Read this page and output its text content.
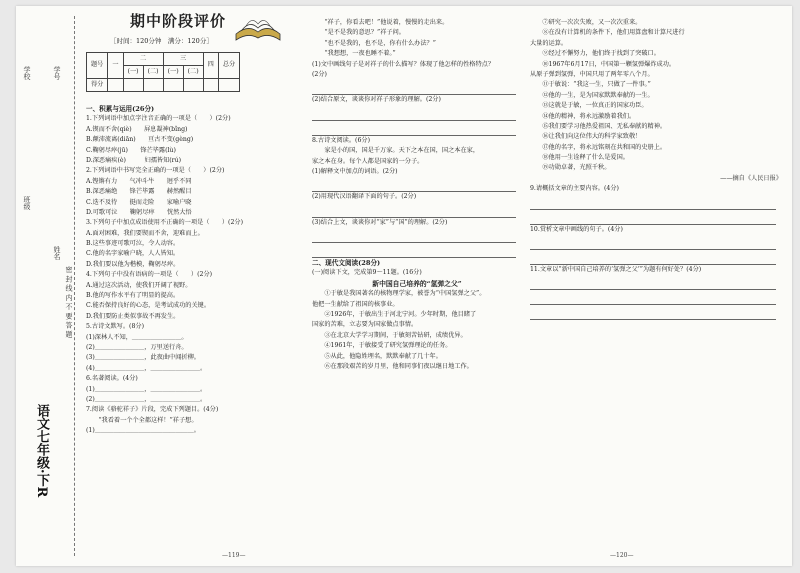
语文七年级·下R
学校
班级
姓名
学号
密 封 线 内 不 要 答 题
期中阶段评价
［时间：120分钟　满分：120分］
题号	一	二		三		四	总分
		(一)	(二)	(一)	(二)		
得分							
一、积累与运用(26分)
1.下列词语中加点字注音正确的一项是（　　）(2分)
A.锲而不舍(qiè)　　屏息凝神(bǐng)
B.颠沛流离(diān)　　亘古不变(gèng)
C.鞠躬尽瘁(jū)　　锋芒毕露(lù)
D.深恶痛疾(è)　　　妇孺皆知(rú)
2.下列词语中书写完全正确的一项是（　　）(2分)
A.铿锵有力　　气冲斗牛　　迥乎不同
B.深恶痛绝　　锋芒毕露　　赫然醒目
C.迭不及待　　挺而走险　　家喻户晓
D.可歌可泣　　鞠躬尽瘁　　恍然大悟
3.下列句子中加点成语使用不正确的一项是（　　）(2分)
A.面对困难，我们要锲而不舍，迎难而上。
B.这些事迹可歌可泣，令人动容。
C.他的名字家喻户晓，人人皆知。
D.我们要以他为楷模，鞠躬尽瘁。
4.下列句子中没有语病的一项是（　　）(2分)
A.通过这次活动，使我们开阔了视野。
B.他的写作水平有了明显的提高。
C.能否保持良好的心态，是考试成功的关键。
D.我们要防止类似事故不再发生。
5.古诗文默写。(8分)
(1)深林人不知，＿＿＿＿＿＿＿＿。
(2)＿＿＿＿＿＿＿＿，万里送行舟。
(3)＿＿＿＿＿＿＿＿，此夜曲中闻折柳。
(4)＿＿＿＿＿＿＿＿，＿＿＿＿＿＿＿＿。
6.名著阅读。(4分)
(1)＿＿＿＿＿＿＿＿，＿＿＿＿＿＿＿＿。
(2)＿＿＿＿＿＿＿＿，＿＿＿＿＿＿＿＿。
7.阅读《骆驼祥子》片段，完成下列题目。(4分)
　　“我看着一个个全都这样！”祥子想。
(1)＿＿＿＿＿＿＿＿＿＿＿＿＿＿＿＿。
　　“祥子，你看去吧！”他说着，慢慢的走出来。
　　“是不是我的意思？”祥子问。
　　“也不是我的，也不是，你有什么办法？”
　　“我想想，一夜也睡不着。”
(1)文中画线句子是对祥子的什么描写？体现了他怎样的性格特点？
(2分)
(2)结合原文，谈谈你对祥子形象的理解。(2分)
8.古诗文阅读。(6分)
　　家是小的国，国是千万家。天下之本在国，国之本在家，
家之本在身。每个人都是国家的一分子。
(1)解释文中加点的词语。(2分)
(2)用现代汉语翻译下面的句子。(2分)
(3)结合上文，谈谈你对“家”与“国”的理解。(2分)
二、现代文阅读(28分)
(一)阅读下文，完成第9～11题。(16分)
新中国自己培养的“氢弹之父”
　　①于敏是我国著名的核物理学家，被誉为“中国氢弹之父”。
他把一生献给了祖国的核事业。
　　②1926年，于敏出生于河北宁河。少年时期，他目睹了
国家的苦难，立志要为国家做点事情。
　　③在北京大学学习期间，于敏刻苦钻研，成绩优异。
　　④1961年，于敏接受了研究氢弹理论的任务。
　　⑤从此，他隐姓埋名，默默奉献了几十年。
　　⑥在那段艰苦的岁月里，他和同事们夜以继日地工作。
　　⑦研究一次次失败，又一次次重来。
　　⑧在没有计算机的条件下，他们用算盘和计算尺进行
大量的运算。
　　⑨经过不懈努力，他们终于找到了突破口。
　　⑩1967年6月17日，中国第一颗氢弹爆炸成功。
从原子弹到氢弹，中国只用了两年零八个月。
　　⑪于敏说：“我这一生，只做了一件事。”
　　⑫他的一生，是为国家默默奉献的一生。
　　⑬这就是于敏，一位真正的国家功臣。
　　⑭他的精神，将永远激励着我们。
　　⑮我们要学习他热爱祖国、无私奉献的精神。
　　⑯让我们向这位伟大的科学家致敬！
　　⑰他的名字，将永远铭刻在共和国的史册上。
　　⑱他用一生诠释了什么是爱国。
　　⑲功勋卓著，光照千秋。
——摘自《人民日报》
9.请概括文章的主要内容。(4分)
10.赏析文章中画线的句子。(4分)
11.文章以“新中国自己培养的‘氢弹之父’”为题有何好处？(4分)
—119—	—120—
